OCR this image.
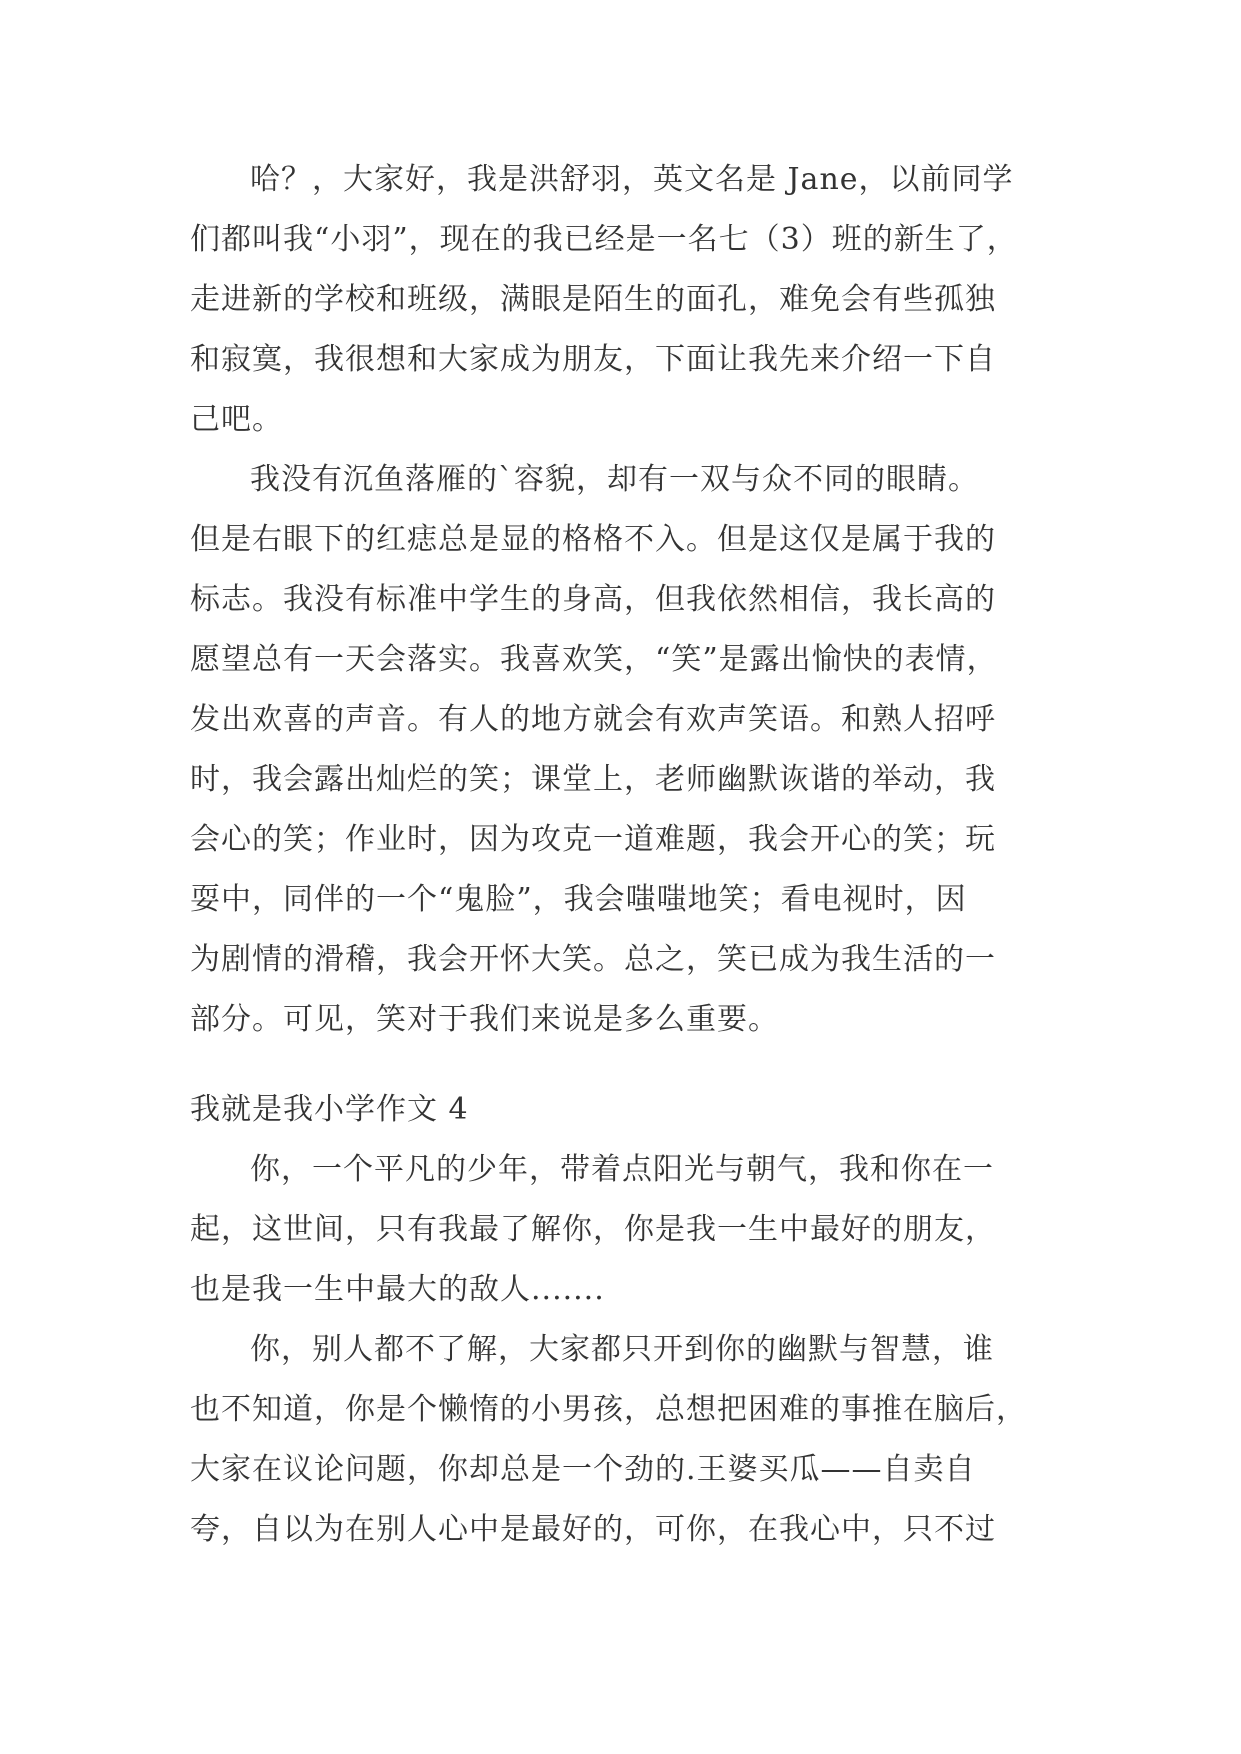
哈？，大家好，我是洪舒羽，英文名是 Jane，以前同学
们都叫我“小羽”，现在的我已经是一名七（3）班的新生了，
走进新的学校和班级，满眼是陌生的面孔，难免会有些孤独
和寂寞，我很想和大家成为朋友，下面让我先来介绍一下自
己吧。
我没有沉鱼落雁的`容貌，却有一双与众不同的眼睛。
但是右眼下的红痣总是显的格格不入。但是这仅是属于我的
标志。我没有标准中学生的身高，但我依然相信，我长高的
愿望总有一天会落实。我喜欢笑，“笑”是露出愉快的表情，
发出欢喜的声音。有人的地方就会有欢声笑语。和熟人招呼
时，我会露出灿烂的笑；课堂上，老师幽默诙谐的举动，我
会心的笑；作业时，因为攻克一道难题，我会开心的笑；玩
耍中，同伴的一个“鬼脸”，我会嗤嗤地笑；看电视时，因
为剧情的滑稽，我会开怀大笑。总之，笑已成为我生活的一
部分。可见，笑对于我们来说是多么重要。
我就是我小学作文 4
你，一个平凡的少年，带着点阳光与朝气，我和你在一
起，这世间，只有我最了解你，你是我一生中最好的朋友，
也是我一生中最大的敌人.......
你，别人都不了解，大家都只开到你的幽默与智慧，谁
也不知道，你是个懒惰的小男孩，总想把困难的事推在脑后，
大家在议论问题，你却总是一个劲的.王婆买瓜——自卖自
夸，自以为在别人心中是最好的，可你，在我心中，只不过
